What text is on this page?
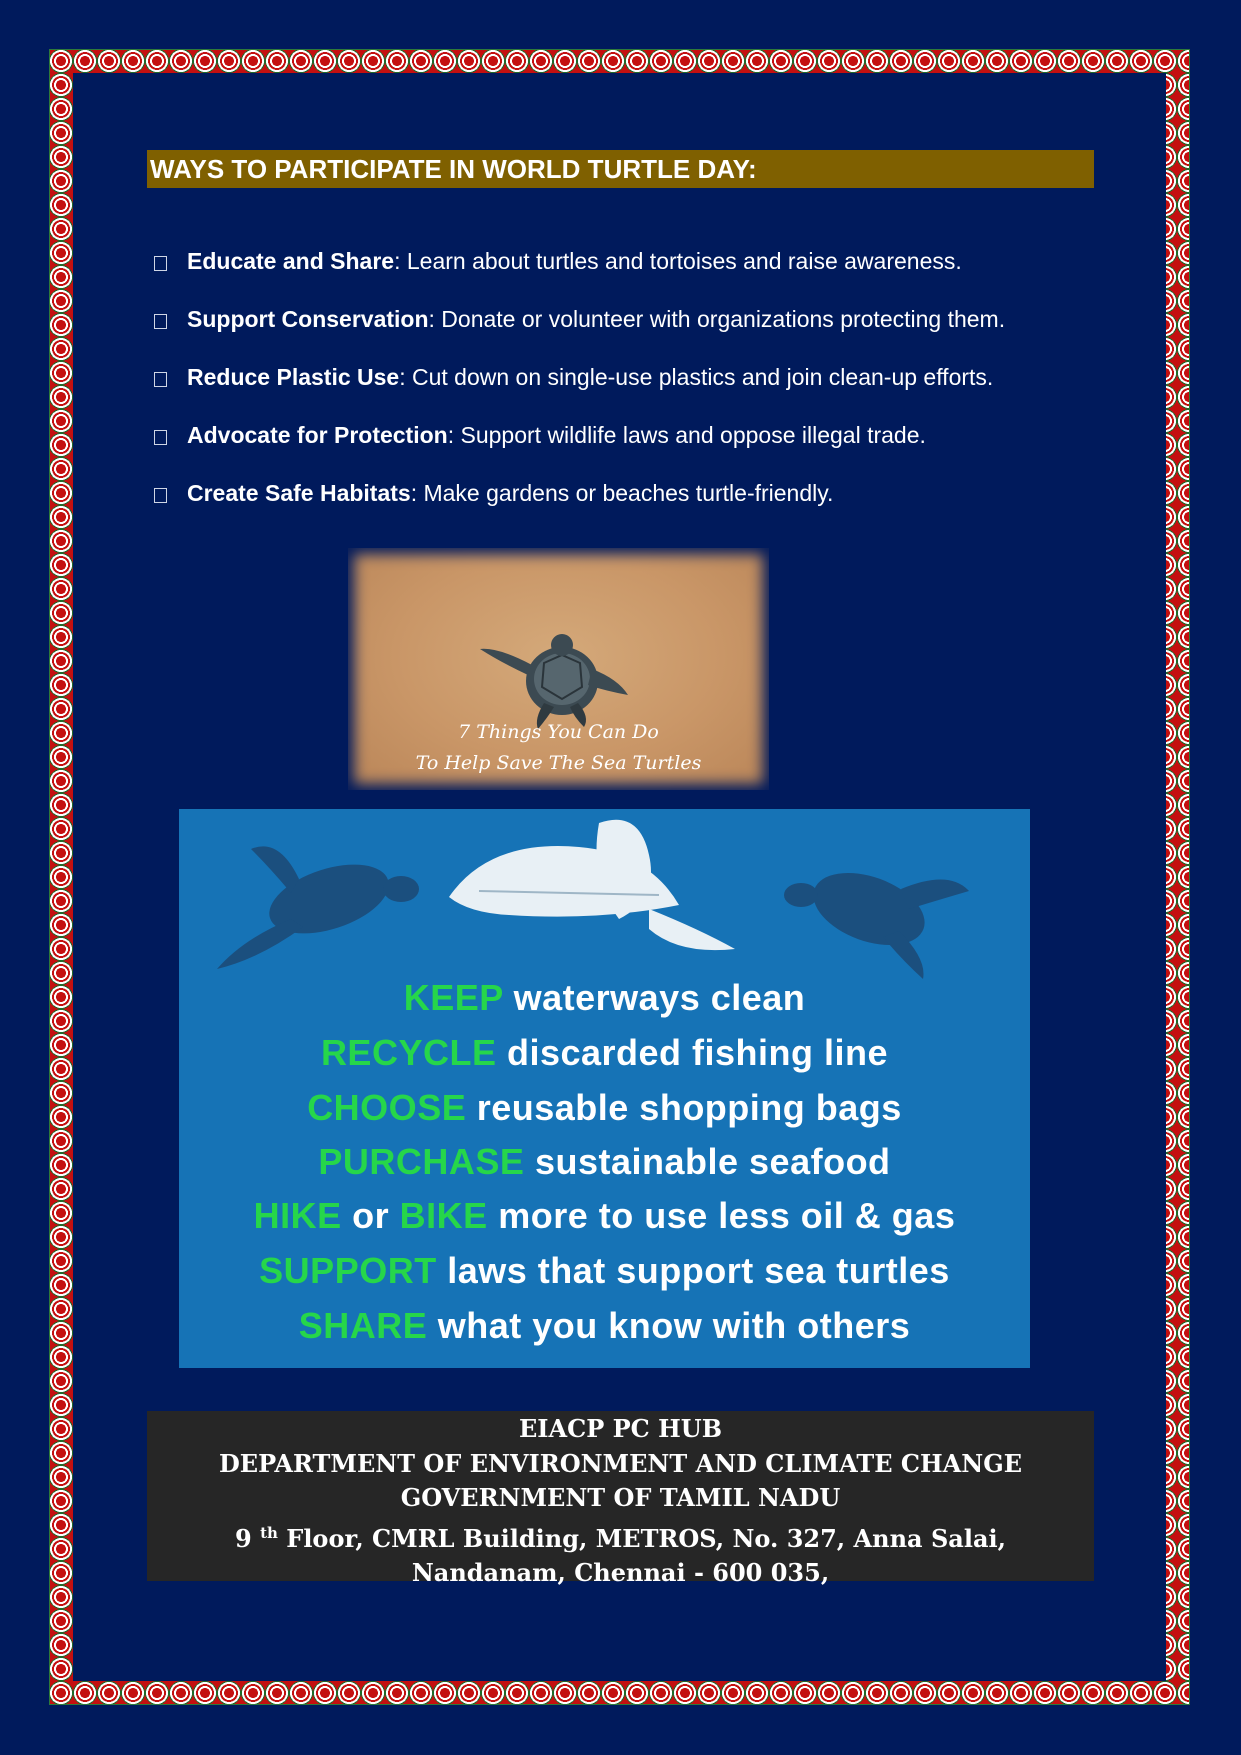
WAYS TO PARTICIPATE IN WORLD TURTLE DAY:
Educate and Share: Learn about turtles and tortoises and raise awareness.
Support Conservation: Donate or volunteer with organizations protecting them.
Reduce Plastic Use: Cut down on single-use plastics and join clean-up efforts.
Advocate for Protection: Support wildlife laws and oppose illegal trade.
Create Safe Habitats: Make gardens or beaches turtle-friendly.
7 Things You Can Do
To Help Save The Sea Turtles
KEEP waterways clean
RECYCLE discarded fishing line
CHOOSE reusable shopping bags
PURCHASE sustainable seafood
HIKE or BIKE more to use less oil & gas
SUPPORT laws that support sea turtles
SHARE what you know with others
EIACP PC HUB
DEPARTMENT OF ENVIRONMENT AND CLIMATE CHANGE
GOVERNMENT OF TAMIL NADU
9 $^{th}$ Floor, CMRL Building, METROS, No. 327, Anna Salai,
Nandanam, Chennai - 600 035,
